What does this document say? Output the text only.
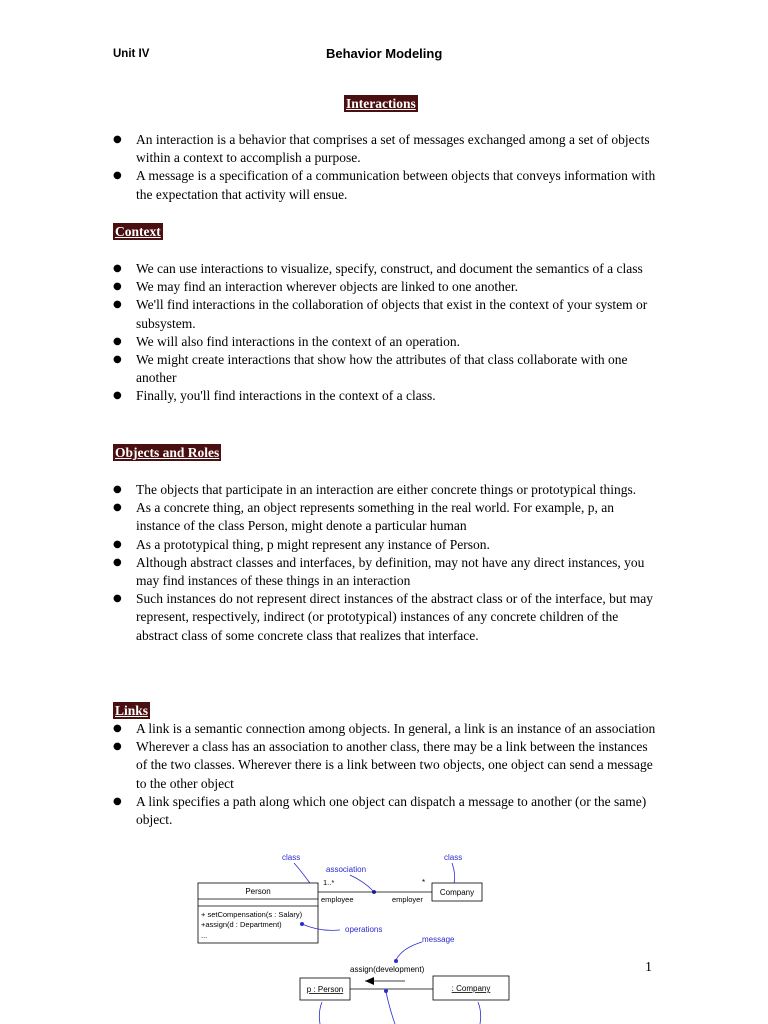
Unit IV	Behavior Modeling
Interactions
● An interaction is a behavior that comprises a set of messages exchanged among a set of objects within a context to accomplish a purpose.
● A message is a specification of a communication between objects that conveys information with the expectation that activity will ensue.
Context
● We can use interactions to visualize, specify, construct, and document the semantics of a class
● We may find an interaction wherever objects are linked to one another.
● We'll find interactions in the collaboration of objects that exist in the context of your system or subsystem.
● We will also find interactions in the context of an operation.
● We might create interactions that show how the attributes of that class collaborate with one another
● Finally, you'll find interactions in the context of a class.
Objects and Roles
● The objects that participate in an interaction are either concrete things or prototypical things.
● As a concrete thing, an object represents something in the real world. For example, p, an instance of the class Person, might denote a particular human
● As a prototypical thing, p might represent any instance of Person.
● Although abstract classes and interfaces, by definition, may not have any direct instances, you may find instances of these things in an interaction
● Such instances do not represent direct instances of the abstract class or of the interface, but may represent, respectively, indirect (or prototypical) instances of any concrete children of the abstract class of some concrete class that realizes that interface.
Links
● A link is a semantic connection among objects. In general, a link is an instance of an association
● Wherever a class has an association to another class, there may be a link between the instances of the two classes. Wherever there is a link between two objects, one object can send a message to the other object
● A link specifies a path along which one object can dispatch a message to another (or the same) object.
class
association
class
Person
+ setCompensation(s : Salary)
+assign(d : Department)
...
1..*	*
employee	employer
Company
operations
message
assign(development)
p : Person	: Company
1
